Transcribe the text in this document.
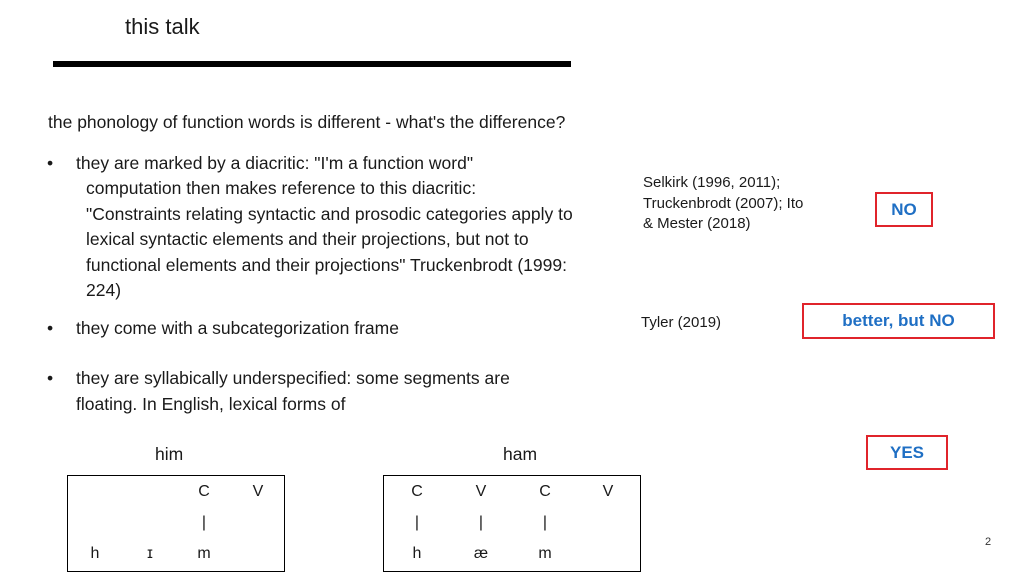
this talk
the phonology of function words is different - what's the difference?
•	they are marked by a diacritic: "I'm a function word"
computation then makes reference to this diacritic:
"Constraints relating syntactic and prosodic categories apply to
lexical syntactic elements and their projections, but not to
functional elements and their projections" Truckenbrodt (1999:
224)
Selkirk (1996, 2011); Truckenbrodt (2007); Ito & Mester (2018)
NO
•	they come with a subcategorization frame	Tyler (2019)	better, but NO
•	they are syllabically underspecified: some segments are
floating. In English, lexical forms of
YES
him	ham
C	V
|
h	ɪ	m
C	V	C	V
|	|	|
h	æ	m
2
